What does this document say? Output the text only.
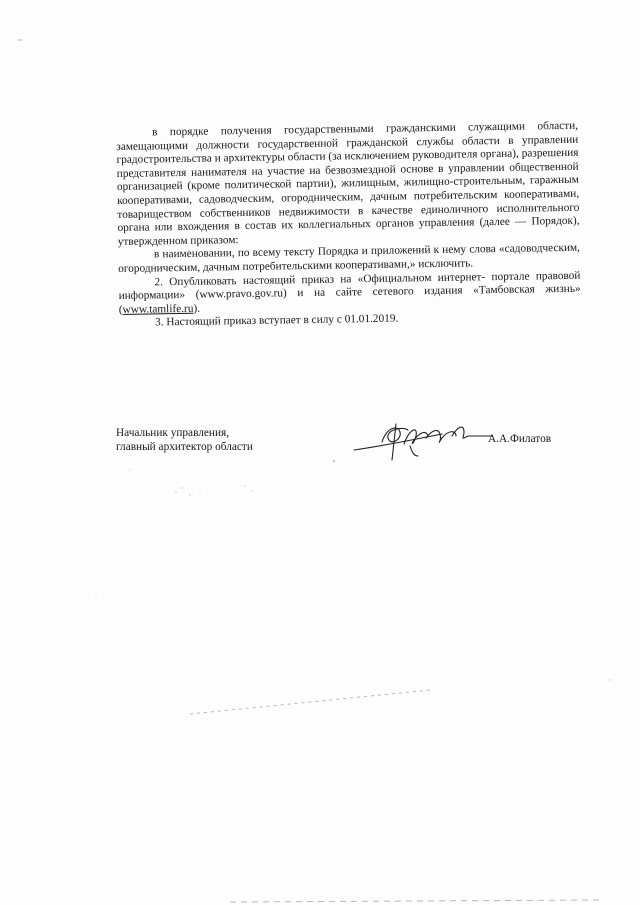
в порядке получения государственными гражданскими служащими области, замещающими должности государственной гражданской службы области в управлении градостроительства и архитектуры области (за исключением руководителя органа), разрешения представителя нанимателя на участие на безвозмездной основе в управлении общественной организацией (кроме политической партии), жилищным, жилищно-строительным, гаражным кооперативами, садоводческим, огородническим, дачным потребительским кооперативами, товариществом собственников недвижимости в качестве единоличного исполнительного органа или вхождения в состав их коллегиальных органов управления (далее — Порядок), утвержденном приказом:

в наименовании, по всему тексту Порядка и приложений к нему слова «садоводческим, огородническим, дачным потребительскими кооперативами,» исключить.

2. Опубликовать настоящий приказ на «Официальном интернет- портале правовой информации» (www.pravo.gov.ru) и на сайте сетевого издания «Тамбовская жизнь» (www.tamlife.ru).

3. Настоящий приказ вступает в силу с 01.01.2019.

Начальник управления,
главный архитектор области
А.А.Филатов
